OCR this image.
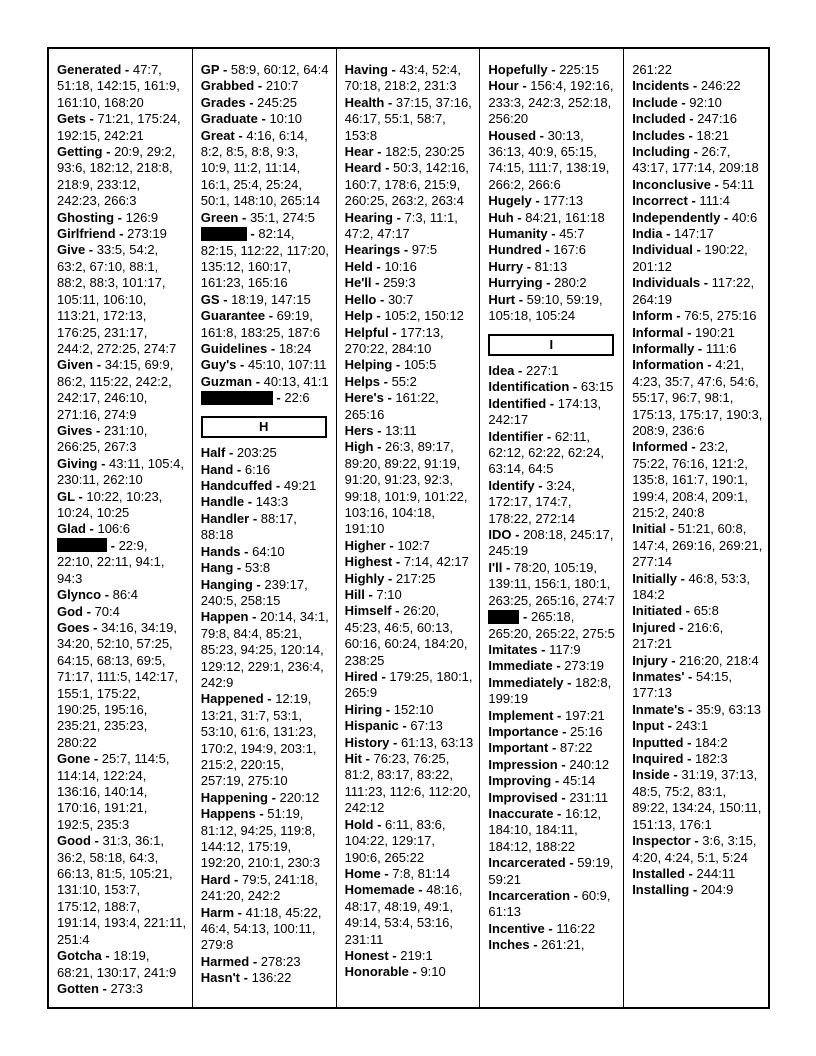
Generated - 47:7, 51:18, 142:15, 161:9, 161:10, 168:20
Gets - 71:21, 175:24, 192:15, 242:21
Getting - 20:9, 29:2, 93:6, 182:12, 218:8, 218:9, 233:12, 242:23, 266:3
Ghosting - 126:9
Girlfriend - 273:19
Give - 33:5, 54:2, 63:2, 67:10, 88:1, 88:2, 88:3, 101:17, 105:11, 106:10, 113:21, 172:13, 176:25, 231:17, 244:2, 272:25, 274:7
Given - 34:15, 69:9, 86:2, 115:22, 242:2, 242:17, 246:10, 271:16, 274:9
Gives - 231:10, 266:25, 267:3
Giving - 43:11, 105:4, 230:11, 262:10
GL - 10:22, 10:23, 10:24, 10:25
Glad - 106:6
- 22:9, 22:10, 22:11, 94:1, 94:3
Glynco - 86:4
God - 70:4
Goes - 34:16, 34:19, 34:20, 52:10, 57:25, 64:15, 68:13, 69:5, 71:17, 111:5, 142:17, 155:1, 175:22, 190:25, 195:16, 235:21, 235:23, 280:22
Gone - 25:7, 114:5, 114:14, 122:24, 136:16, 140:14, 170:16, 191:21, 192:5, 235:3
Good - 31:3, 36:1, 36:2, 58:18, 64:3, 66:13, 81:5, 105:21, 131:10, 153:7, 175:12, 188:7, 191:14, 193:4, 221:11, 251:4
Gotcha - 18:19, 68:21, 130:17, 241:9
Gotten - 273:3
GP - 58:9, 60:12, 64:4
Grabbed - 210:7
Grades - 245:25
Graduate - 10:10
Great - 4:16, 6:14, 8:2, 8:5, 8:8, 9:3, 10:9, 11:2, 11:14, 16:1, 25:4, 25:24, 50:1, 148:10, 265:14
Green - 35:1, 274:5
- 82:14, 82:15, 112:22, 117:20, 135:12, 160:17, 161:23, 165:16
GS - 18:19, 147:15
Guarantee - 69:19, 161:8, 183:25, 187:6
Guidelines - 18:24
Guy's - 45:10, 107:11
Guzman - 40:13, 41:1
- 22:6
H
Half - 203:25
Hand - 6:16
Handcuffed - 49:21
Handle - 143:3
Handler - 88:17, 88:18
Hands - 64:10
Hang - 53:8
Hanging - 239:17, 240:5, 258:15
Happen - 20:14, 34:1, 79:8, 84:4, 85:21, 85:23, 94:25, 120:14, 129:12, 229:1, 236:4, 242:9
Happened - 12:19, 13:21, 31:7, 53:1, 53:10, 61:6, 131:23, 170:2, 194:9, 203:1, 215:2, 220:15, 257:19, 275:10
Happening - 220:12
Happens - 51:19, 81:12, 94:25, 119:8, 144:12, 175:19, 192:20, 210:1, 230:3
Hard - 79:5, 241:18, 241:20, 242:2
Harm - 41:18, 45:22, 46:4, 54:13, 100:11, 279:8
Harmed - 278:23
Hasn't - 136:22
Having - 43:4, 52:4, 70:18, 218:2, 231:3
Health - 37:15, 37:16, 46:17, 55:1, 58:7, 153:8
Hear - 182:5, 230:25
Heard - 50:3, 142:16, 160:7, 178:6, 215:9, 260:25, 263:2, 263:4
Hearing - 7:3, 11:1, 47:2, 47:17
Hearings - 97:5
Held - 10:16
He'll - 259:3
Hello - 30:7
Help - 105:2, 150:12
Helpful - 177:13, 270:22, 284:10
Helping - 105:5
Helps - 55:2
Here's - 161:22, 265:16
Hers - 13:11
High - 26:3, 89:17, 89:20, 89:22, 91:19, 91:20, 91:23, 92:3, 99:18, 101:9, 101:22, 103:16, 104:18, 191:10
Higher - 102:7
Highest - 7:14, 42:17
Highly - 217:25
Hill - 7:10
Himself - 26:20, 45:23, 46:5, 60:13, 60:16, 60:24, 184:20, 238:25
Hired - 179:25, 180:1, 265:9
Hiring - 152:10
Hispanic - 67:13
History - 61:13, 63:13
Hit - 76:23, 76:25, 81:2, 83:17, 83:22, 111:23, 112:6, 112:20, 242:12
Hold - 6:11, 83:6, 104:22, 129:17, 190:6, 265:22
Home - 7:8, 81:14
Homemade - 48:16, 48:17, 48:19, 49:1, 49:14, 53:4, 53:16, 231:11
Honest - 219:1
Honorable - 9:10
Hopefully - 225:15
Hour - 156:4, 192:16, 233:3, 242:3, 252:18, 256:20
Housed - 30:13, 36:13, 40:9, 65:15, 74:15, 111:7, 138:19, 266:2, 266:6
Hugely - 177:13
Huh - 84:21, 161:18
Humanity - 45:7
Hundred - 167:6
Hurry - 81:13
Hurrying - 280:2
Hurt - 59:10, 59:19, 105:18, 105:24
I
Idea - 227:1
Identification - 63:15
Identified - 174:13, 242:17
Identifier - 62:11, 62:12, 62:22, 62:24, 63:14, 64:5
Identify - 3:24, 172:17, 174:7, 178:22, 272:14
IDO - 208:18, 245:17, 245:19
I'll - 78:20, 105:19, 139:11, 156:1, 180:1, 263:25, 265:16, 274:7
- 265:18, 265:20, 265:22, 275:5
Imitates - 117:9
Immediate - 273:19
Immediately - 182:8, 199:19
Implement - 197:21
Importance - 25:16
Important - 87:22
Impression - 240:12
Improving - 45:14
Improvised - 231:11
Inaccurate - 16:12, 184:10, 184:11, 184:12, 188:22
Incarcerated - 59:19, 59:21
Incarceration - 60:9, 61:13
Incentive - 116:22
Inches - 261:21,
261:22
Incidents - 246:22
Include - 92:10
Included - 247:16
Includes - 18:21
Including - 26:7, 43:17, 177:14, 209:18
Inconclusive - 54:11
Incorrect - 111:4
Independently - 40:6
India - 147:17
Individual - 190:22, 201:12
Individuals - 117:22, 264:19
Inform - 76:5, 275:16
Informal - 190:21
Informally - 111:6
Information - 4:21, 4:23, 35:7, 47:6, 54:6, 55:17, 96:7, 98:1, 175:13, 175:17, 190:3, 208:9, 236:6
Informed - 23:2, 75:22, 76:16, 121:2, 135:8, 161:7, 190:1, 199:4, 208:4, 209:1, 215:2, 240:8
Initial - 51:21, 60:8, 147:4, 269:16, 269:21, 277:14
Initially - 46:8, 53:3, 184:2
Initiated - 65:8
Injured - 216:6, 217:21
Injury - 216:20, 218:4
Inmates' - 54:15, 177:13
Inmate's - 35:9, 63:13
Input - 243:1
Inputted - 184:2
Inquired - 182:3
Inside - 31:19, 37:13, 48:5, 75:2, 83:1, 89:22, 134:24, 150:11, 151:13, 176:1
Inspector - 3:6, 3:15, 4:20, 4:24, 5:1, 5:24
Installed - 244:11
Installing - 204:9
